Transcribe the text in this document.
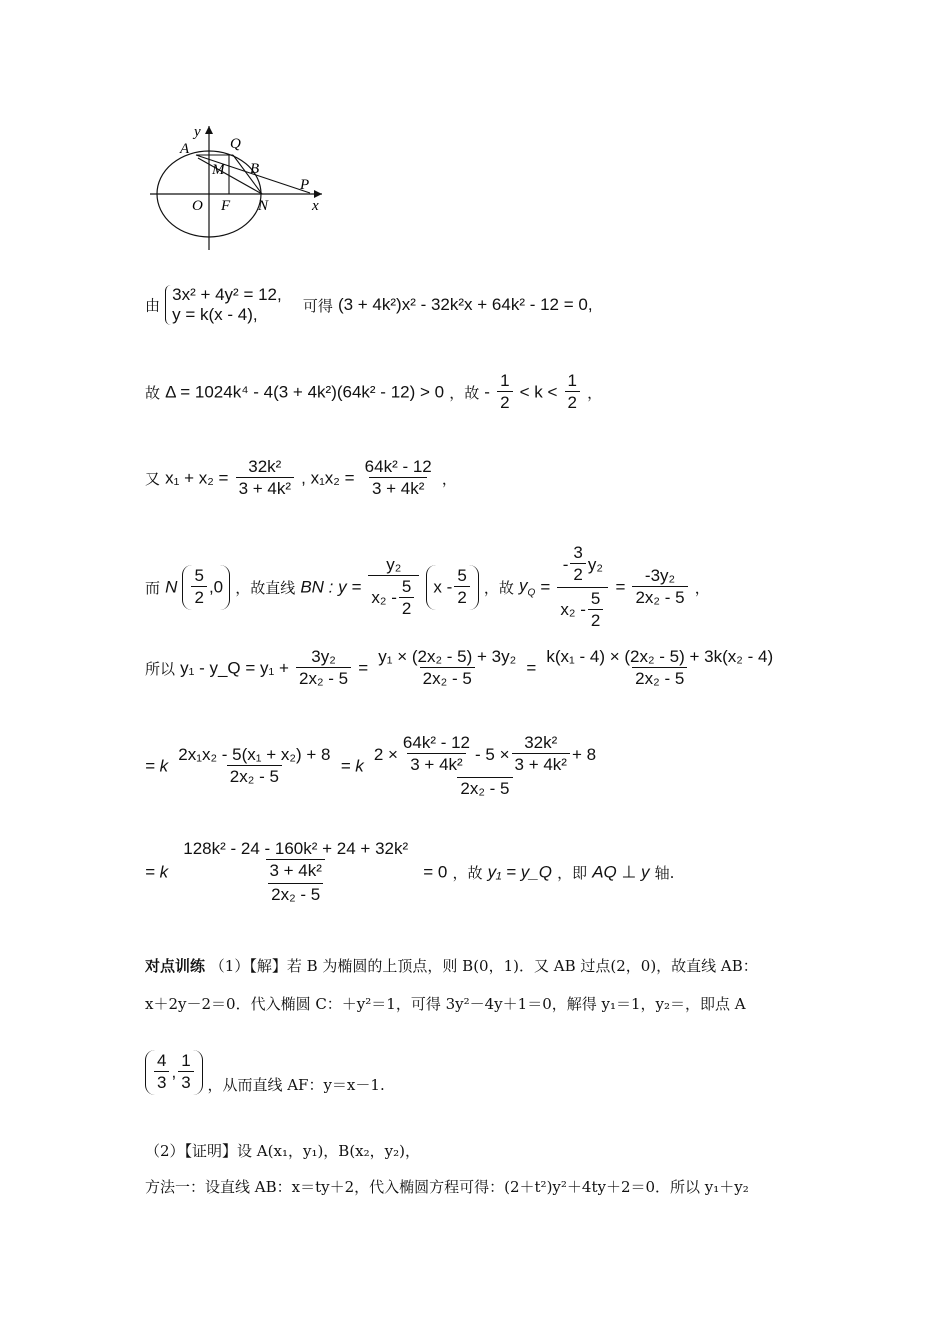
y
x
A	Q
M B
P
O F N
由
3x² + 4y² = 12,
y = k(x - 4),	可得 (3 + 4k²)x² - 32k²x + 64k² - 12 = 0,
故 Δ = 1024k⁴ - 4(3 + 4k²)(64k² - 12) > 0 ，故 - $\frac{1}{2} < k < \frac{1}{2}$ ，
又 $x_1 + x_2 = \frac{\text{32k²}}{\text{3 + 4k²}}$ , $x_1x_2 = \frac{\text{64k² - 12}}{\text{3 + 4k²}}$ ，
而 N $\frac{5}{2} ,0$ ，故直线 BN : $y = \frac{\text{y₂}}{x_2 - \frac{5}{2}}$ x - $\frac{5}{2}$ ，故 $y_Q = \frac{- \frac{3}{2} y_2}{x_2 - \frac{5}{2}} = \frac{\text{-3y₂}}{\text{2x₂ - 5}}$ ，
所以 y₁ - y_Q = $y_1 + \frac{\text{3y₂}}{\text{2x₂ - 5}} = \frac{\text{y₁ × (2x₂ - 5) + 3y₂}}{\text{2x₂ - 5}} = \frac{\text{k(x₁ - 4) × (2x₂ - 5) + 3k(x₂ - 4)}}{\text{2x₂ - 5}}$
= k $\frac{\text{2x₁x₂ - 5(x₁ + x₂) + 8}}{\text{2x₂ - 5}} = k \frac{2 \times \frac{\text{64k² - 12}}{\text{3 + 4k²}} - 5 \times \frac{\text{32k²}}{\text{3 + 4k²}} + 8}{\text{2x₂ - 5}}$
= k $\frac{\frac{\text{128k² - 24 - 160k² + 24 + 32k²}}{\text{3 + 4k²}}}{\text{2x₂ - 5}} = 0$ ，故 y₁ = y_Q ，即 AQ ⊥ y 轴.
对点训练 （1）【解】若 B 为椭圆的上顶点，则 B(0，1)．又 AB 过点(2，0)，故直线 AB：
x＋2y－2＝0．代入椭圆 C：＋y²＝1，可得 3y²－4y＋1＝0，解得 y₁＝1，y₂＝，即点 A
$\frac{4}{3}$ , $\frac{1}{3}$ ，从而直线 AF：y＝x－1.
（2）【证明】设 A(x₁，y₁)，B(x₂，y₂)，
方法一：设直线 AB：x＝ty＋2，代入椭圆方程可得：(2＋t²)y²＋4ty＋2＝0．所以 y₁＋y₂
